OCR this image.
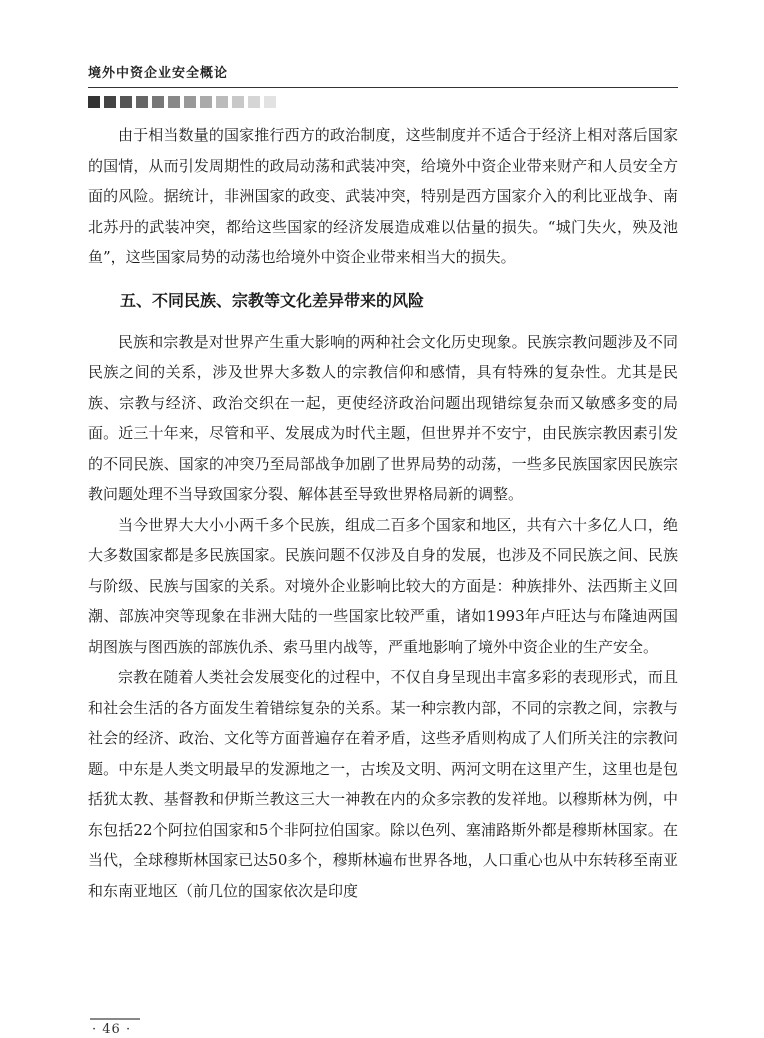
境外中资企业安全概论

由于相当数量的国家推行西方的政治制度，这些制度并不适合于经济上相对落后国家的国情，从而引发周期性的政局动荡和武装冲突，给境外中资企业带来财产和人员安全方面的风险。据统计，非洲国家的政变、武装冲突，特别是西方国家介入的利比亚战争、南北苏丹的武装冲突，都给这些国家的经济发展造成难以估量的损失。“城门失火，殃及池鱼”，这些国家局势的动荡也给境外中资企业带来相当大的损失。

五、不同民族、宗教等文化差异带来的风险

民族和宗教是对世界产生重大影响的两种社会文化历史现象。民族宗教问题涉及不同民族之间的关系，涉及世界大多数人的宗教信仰和感情，具有特殊的复杂性。尤其是民族、宗教与经济、政治交织在一起，更使经济政治问题出现错综复杂而又敏感多变的局面。近三十年来，尽管和平、发展成为时代主题，但世界并不安宁，由民族宗教因素引发的不同民族、国家的冲突乃至局部战争加剧了世界局势的动荡，一些多民族国家因民族宗教问题处理不当导致国家分裂、解体甚至导致世界格局新的调整。

当今世界大大小小两千多个民族，组成二百多个国家和地区，共有六十多亿人口，绝大多数国家都是多民族国家。民族问题不仅涉及自身的发展，也涉及不同民族之间、民族与阶级、民族与国家的关系。对境外企业影响比较大的方面是：种族排外、法西斯主义回潮、部族冲突等现象在非洲大陆的一些国家比较严重，诸如1993年卢旺达与布隆迪两国胡图族与图西族的部族仇杀、索马里内战等，严重地影响了境外中资企业的生产安全。

宗教在随着人类社会发展变化的过程中，不仅自身呈现出丰富多彩的表现形式，而且和社会生活的各方面发生着错综复杂的关系。某一种宗教内部，不同的宗教之间，宗教与社会的经济、政治、文化等方面普遍存在着矛盾，这些矛盾则构成了人们所关注的宗教问题。中东是人类文明最早的发源地之一，古埃及文明、两河文明在这里产生，这里也是包括犹太教、基督教和伊斯兰教这三大一神教在内的众多宗教的发祥地。以穆斯林为例，中东包括22个阿拉伯国家和5个非阿拉伯国家。除以色列、塞浦路斯外都是穆斯林国家。在当代，全球穆斯林国家已达50多个，穆斯林遍布世界各地，人口重心也从中东转移至南亚和东南亚地区（前几位的国家依次是印度

· 46 ·
